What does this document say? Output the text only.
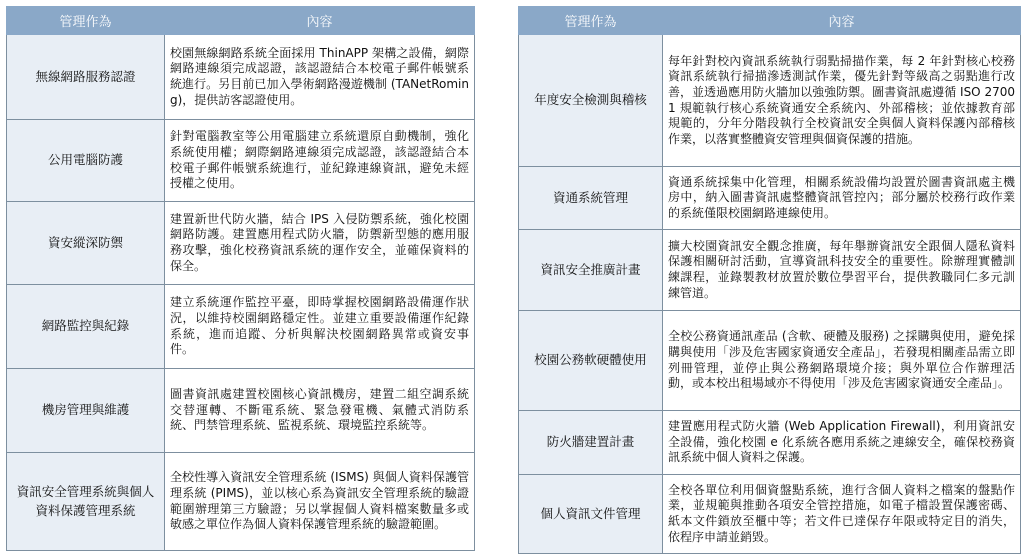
管理作為	內容
無線網路服務認證	校園無線網路系統全面採用 ThinAPP 架構之設備，網際網路連線須完成認證，該認證結合本校電子郵件帳號系統進行。另目前已加入學術網路漫遊機制 (TANetRoming)，提供訪客認證使用。
公用電腦防護	針對電腦教室等公用電腦建立系統還原自動機制，強化系統使用權；網際網路連線須完成認證，該認證結合本校電子郵件帳號系統進行，並紀錄連線資訊，避免未經授權之使用。
資安縱深防禦	建置新世代防火牆，結合 IPS 入侵防禦系統，強化校園網路防護。建置應用程式防火牆，防禦新型態的應用服務攻擊，強化校務資訊系統的運作安全，並確保資料的保全。
網路監控與紀錄	建立系統運作監控平臺，即時掌握校園網路設備運作狀況，以維持校園網路穩定性。並建立重要設備運作紀錄系統，進而追蹤、分析與解決校園網路異常或資安事件。
機房管理與維護	圖書資訊處建置校園核心資訊機房，建置二組空調系統交替運轉、不斷電系統、緊急發電機、氣體式消防系統、門禁管理系統、監視系統、環境監控系統等。
資訊安全管理系統與個人資料保護管理系統	全校性導入資訊安全管理系統 (ISMS) 與個人資料保護管理系統 (PIMS)，並以核心系為資訊安全管理系統的驗證範圍辦理第三方驗證；另以掌握個人資料檔案數量多或敏感之單位作為個人資料保護管理系統的驗證範圍。
管理作為	內容
年度安全檢測與稽核	每年針對校內資訊系統執行弱點掃描作業，每 2 年針對核心校務資訊系統執行掃描滲透測試作業，優先針對等級高之弱點進行改善，並透過應用防火牆加以強強防禦。圖書資訊處遵循 ISO 27001 規範執行核心系統資通安全系統內、外部稽核；並依據教育部規範的，分年分階段執行全校資訊安全與個人資料保護內部稽核作業，以落實整體資安管理與個資保護的措施。
資通系統管理	資通系統採集中化管理，相關系統設備均設置於圖書資訊處主機房中，納入圖書資訊處整體資訊管控內；部分屬於校務行政作業的系統僅限校園網路連線使用。
資訊安全推廣計畫	擴大校園資訊安全觀念推廣，每年舉辦資訊安全跟個人隱私資料保護相關研討活動，宣導資訊科技安全的重要性。除辦理實體訓練課程，並錄製教材放置於數位學習平台，提供教職同仁多元訓練管道。
校園公務軟硬體使用	全校公務資通訊產品 (含軟、硬體及服務) 之採購與使用，避免採購與使用「涉及危害國家資通安全產品」，若發現相關產品需立即列冊管理，並停止與公務網路環境介接；與外單位合作辦理活動，或本校出租場域亦不得使用「涉及危害國家資通安全產品」。
防火牆建置計畫	建置應用程式防火牆 (Web Application Firewall)，利用資訊安全設備，強化校園 e 化系統各應用系統之連線安全，確保校務資訊系統中個人資料之保護。
個人資訊文件管理	全校各單位利用個資盤點系統，進行含個人資料之檔案的盤點作業，並規範與推動各項安全管控措施，如電子檔設置保護密碼、紙本文件鎖放至櫃中等；若文件已達保存年限或特定目的消失，依程序申請並銷毀。
